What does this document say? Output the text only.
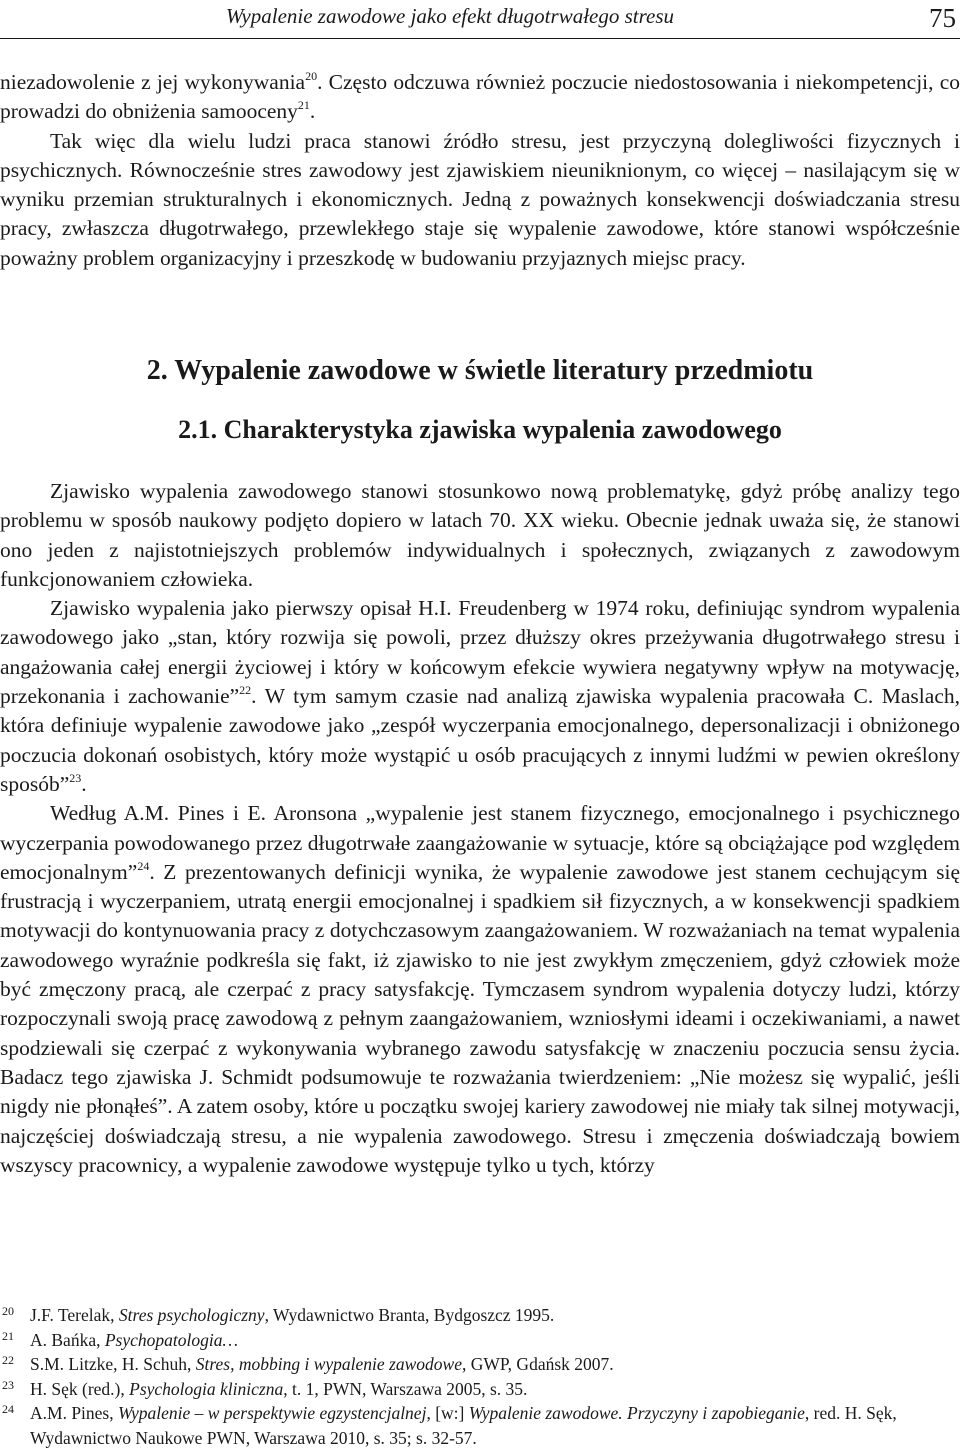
Wypalenie zawodowe jako efekt długotrwałego stresu	75

niezadowolenie z jej wykonywania$^{20}$. Często odczuwa również poczucie niedostosowania i niekompetencji, co prowadzi do obniżenia samooceny$^{21}$.

Tak więc dla wielu ludzi praca stanowi źródło stresu, jest przyczyną dolegliwości fizycznych i psychicznych. Równocześnie stres zawodowy jest zjawiskiem nieuniknionym, co więcej – nasilającym się w wyniku przemian strukturalnych i ekonomicznych. Jedną z poważnych konsekwencji doświadczania stresu pracy, zwłaszcza długotrwałego, przewlekłego staje się wypalenie zawodowe, które stanowi współcześnie poważny problem organizacyjny i przeszkodę w budowaniu przyjaznych miejsc pracy.

2. Wypalenie zawodowe w świetle literatury przedmiotu
2.1. Charakterystyka zjawiska wypalenia zawodowego

Zjawisko wypalenia zawodowego stanowi stosunkowo nową problematykę, gdyż próbę analizy tego problemu w sposób naukowy podjęto dopiero w latach 70. XX wieku. Obecnie jednak uważa się, że stanowi ono jeden z najistotniejszych problemów indywidualnych i społecznych, związanych z zawodowym funkcjonowaniem człowieka.

Zjawisko wypalenia jako pierwszy opisał H.I. Freudenberg w 1974 roku, definiując syndrom wypalenia zawodowego jako „stan, który rozwija się powoli, przez dłuższy okres przeżywania długotrwałego stresu i angażowania całej energii życiowej i który w końcowym efekcie wywiera negatywny wpływ na motywację, przekonania i zachowanie”$^{22}$. W tym samym czasie nad analizą zjawiska wypalenia pracowała C. Maslach, która definiuje wypalenie zawodowe jako „zespół wyczerpania emocjonalnego, depersonalizacji i obniżonego poczucia dokonań osobistych, który może wystąpić u osób pracujących z innymi ludźmi w pewien określony sposób”$^{23}$.

Według A.M. Pines i E. Aronsona „wypalenie jest stanem fizycznego, emocjonalnego i psychicznego wyczerpania powodowanego przez długotrwałe zaangażowanie w sytuacje, które są obciążające pod względem emocjonalnym”$^{24}$. Z prezentowanych definicji wynika, że wypalenie zawodowe jest stanem cechującym się frustracją i wyczerpaniem, utratą energii emocjonalnej i spadkiem sił fizycznych, a w konsekwencji spadkiem motywacji do kontynuowania pracy z dotychczasowym zaangażowaniem. W rozważaniach na temat wypalenia zawodowego wyraźnie podkreśla się fakt, iż zjawisko to nie jest zwykłym zmęczeniem, gdyż człowiek może być zmęczony pracą, ale czerpać z pracy satysfakcję. Tymczasem syndrom wypalenia dotyczy ludzi, którzy rozpoczynali swoją pracę zawodową z pełnym zaangażowaniem, wzniosłymi ideami i oczekiwaniami, a nawet spodziewali się czerpać z wykonywania wybranego zawodu satysfakcję w znaczeniu poczucia sensu życia. Badacz tego zjawiska J. Schmidt podsumowuje te rozważania twierdzeniem: „Nie możesz się wypalić, jeśli nigdy nie płonąłeś”. A zatem osoby, które u początku swojej kariery zawodowej nie miały tak silnej motywacji, najczęściej doświadczają stresu, a nie wypalenia zawodowego. Stresu i zmęczenia doświadczają bowiem wszyscy pracownicy, a wypalenie zawodowe występuje tylko u tych, którzy

20 J.F. Terelak, Stres psychologiczny, Wydawnictwo Branta, Bydgoszcz 1995.
21 A. Bańka, Psychopatologia…
22 S.M. Litzke, H. Schuh, Stres, mobbing i wypalenie zawodowe, GWP, Gdańsk 2007.
23 H. Sęk (red.), Psychologia kliniczna, t. 1, PWN, Warszawa 2005, s. 35.
24 A.M. Pines, Wypalenie – w perspektywie egzystencjalnej, [w:] Wypalenie zawodowe. Przyczyny i zapobieganie, red. H. Sęk, Wydawnictwo Naukowe PWN, Warszawa 2010, s. 35; s. 32-57.
